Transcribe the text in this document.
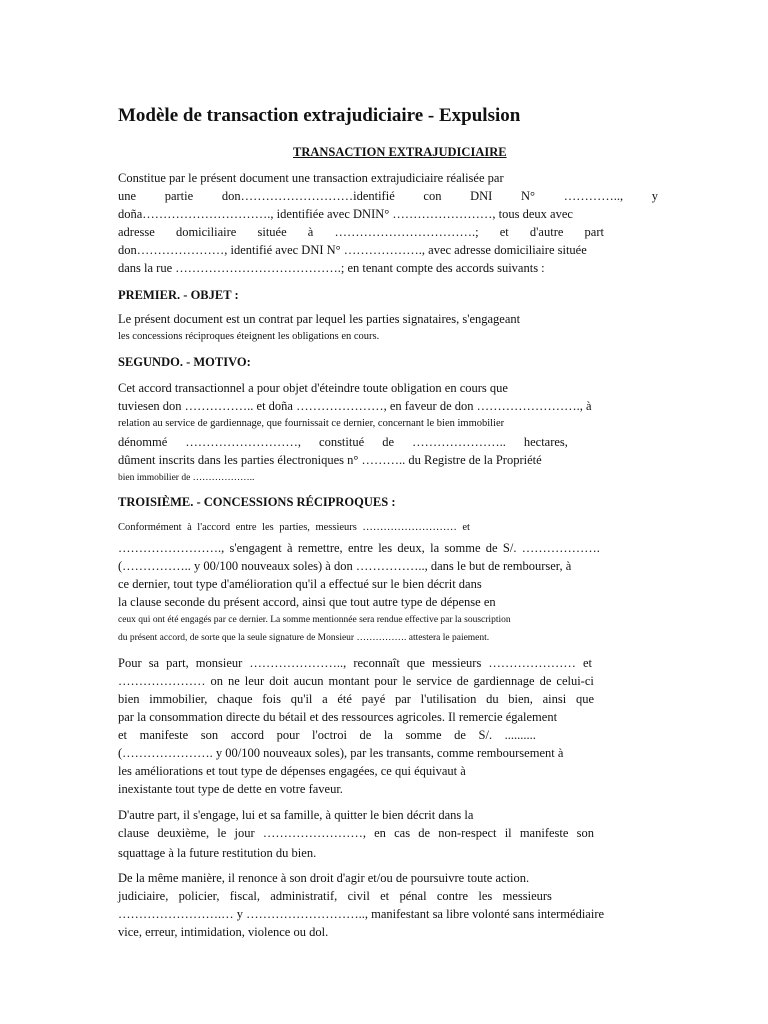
Modèle de transaction extrajudiciaire - Expulsion
TRANSACTION EXTRAJUDICIAIRE
Constitue par le présent document une transaction extrajudiciaire réalisée par
une partie don………………………identifié con DNI N° ………….., y
doña…………………………., identifiée avec DNIN° ……………………, tous deux avec
adresse domiciliaire située à …………………………….; et d'autre part
don…………………, identifié avec DNI N° ………………., avec adresse domiciliaire située
dans la rue ………………………………….; en tenant compte des accords suivants :
PREMIER. - OBJET :
Le présent document est un contrat par lequel les parties signataires, s'engageant
les concessions réciproques éteignent les obligations en cours.
SEGUNDO. - MOTIVO:
Cet accord transactionnel a pour objet d'éteindre toute obligation en cours que
tuviesen don …………….. et doña …………………, en faveur de don ……………………., à
relation au service de gardiennage, que fournissait ce dernier, concernant le bien immobilier
dénommé ………………………, constitué de ………………….. hectares,
dûment inscrits dans les parties électroniques n° ……….. du Registre de la Propriété
bien immobilier de ………………..
TROISIÈME. - CONCESSIONS RÉCIPROQUES :
Conformément à l'accord entre les parties, messieurs ……………………… et
……………………., s'engagent à remettre, entre les deux, la somme de S/. ……………….
(…………….. y 00/100 nouveaux soles) à don …………….., dans le but de rembourser, à
ce dernier, tout type d'amélioration qu'il a effectué sur le bien décrit dans
la clause seconde du présent accord, ainsi que tout autre type de dépense en
ceux qui ont été engagés par ce dernier. La somme mentionnée sera rendue effective par la souscription
du présent accord, de sorte que la seule signature de Monsieur ……………. attestera le paiement.
Pour sa part, monsieur ………………….., reconnaît que messieurs ………………… et
………………… on ne leur doit aucun montant pour le service de gardiennage de celui-ci
bien immobilier, chaque fois qu'il a été payé par l'utilisation du bien, ainsi que
par la consommation directe du bétail et des ressources agricoles. Il remercie également
et manifeste son accord pour l'octroi de la somme de S/. ..........
(…………………. y 00/100 nouveaux soles), par les transants, comme remboursement à
les améliorations et tout type de dépenses engagées, ce qui équivaut à
inexistante tout type de dette en votre faveur.
D'autre part, il s'engage, lui et sa famille, à quitter le bien décrit dans la
clause deuxième, le jour ……………………, en cas de non-respect il manifeste son
squattage à la future restitution du bien.
De la même manière, il renonce à son droit d'agir et/ou de poursuivre toute action.
judiciaire, policier, fiscal, administratif, civil et pénal contre les messieurs
…………………….… y ……………………….., manifestant sa libre volonté sans intermédiaire
vice, erreur, intimidation, violence ou dol.
